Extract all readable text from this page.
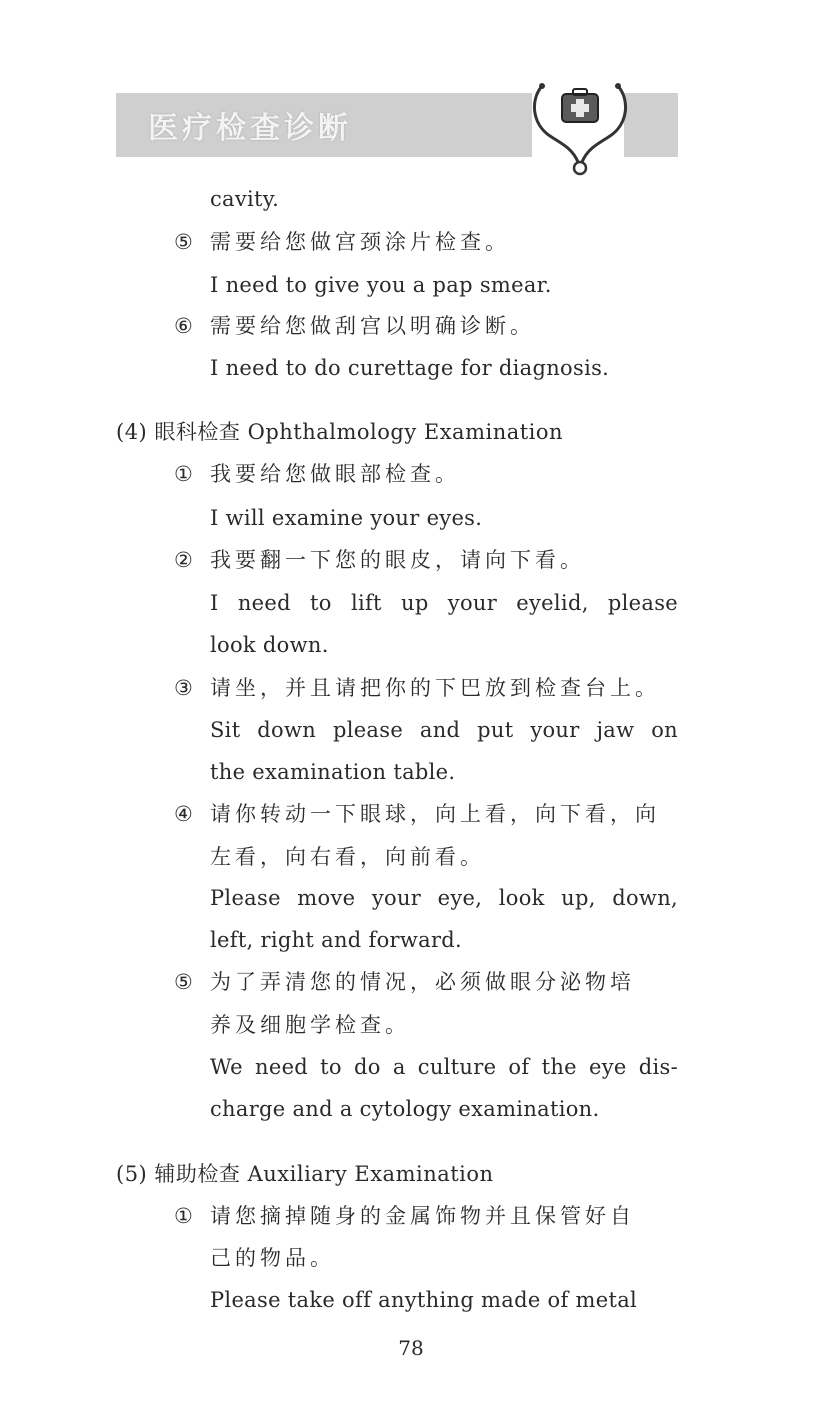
医疗检查诊断
cavity.
⑤ 需要给您做宫颈涂片检查。
I need to give you a pap smear.
⑥ 需要给您做刮宫以明确诊断。
I need to do curettage for diagnosis.
(4) 眼科检查 Ophthalmology Examination
① 我要给您做眼部检查。
I will examine your eyes.
② 我要翻一下您的眼皮，请向下看。
I need to lift up your eyelid, please
look down.
③ 请坐，并且请把你的下巴放到检查台上。
Sit down please and put your jaw on
the examination table.
④ 请你转动一下眼球，向上看，向下看，向
左看，向右看，向前看。
Please move your eye, look up, down,
left, right and forward.
⑤ 为了弄清您的情况，必须做眼分泌物培
养及细胞学检查。
We need to do a culture of the eye dis-
charge and a cytology examination.
(5) 辅助检查 Auxiliary Examination
① 请您摘掉随身的金属饰物并且保管好自
己的物品。
Please take off anything made of metal
78
